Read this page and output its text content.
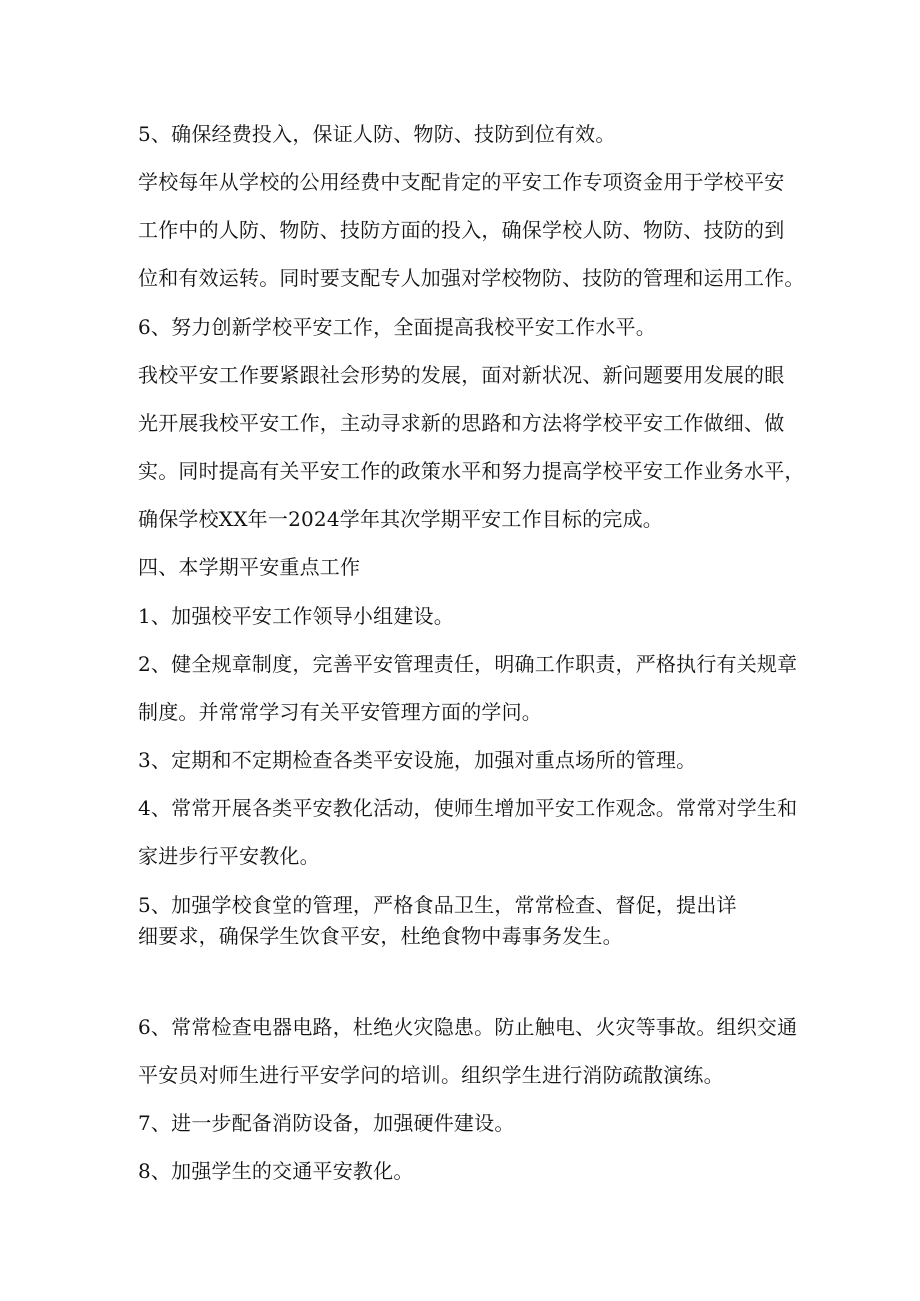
5、确保经费投入，保证人防、物防、技防到位有效。
学校每年从学校的公用经费中支配肯定的平安工作专项资金用于学校平安
工作中的人防、物防、技防方面的投入，确保学校人防、物防、技防的到
位和有效运转。同时要支配专人加强对学校物防、技防的管理和运用工作。
6、努力创新学校平安工作，全面提高我校平安工作水平。
我校平安工作要紧跟社会形势的发展，面对新状况、新问题要用发展的眼
光开展我校平安工作，主动寻求新的思路和方法将学校平安工作做细、做
实。同时提高有关平安工作的政策水平和努力提高学校平安工作业务水平，
确保学校XX年一2024学年其次学期平安工作目标的完成。
四、本学期平安重点工作
1、加强校平安工作领导小组建设。
2、健全规章制度，完善平安管理责任，明确工作职责，严格执行有关规章
制度。并常常学习有关平安管理方面的学问。
3、定期和不定期检查各类平安设施，加强对重点场所的管理。
4、常常开展各类平安教化活动，使师生增加平安工作观念。常常对学生和
家进步行平安教化。
5、加强学校食堂的管理，严格食品卫生，常常检查、督促，提出详
细要求，确保学生饮食平安，杜绝食物中毒事务发生。
6、常常检查电器电路，杜绝火灾隐患。防止触电、火灾等事故。组织交通
平安员对师生进行平安学问的培训。组织学生进行消防疏散演练。
7、进一步配备消防设备，加强硬件建设。
8、加强学生的交通平安教化。
